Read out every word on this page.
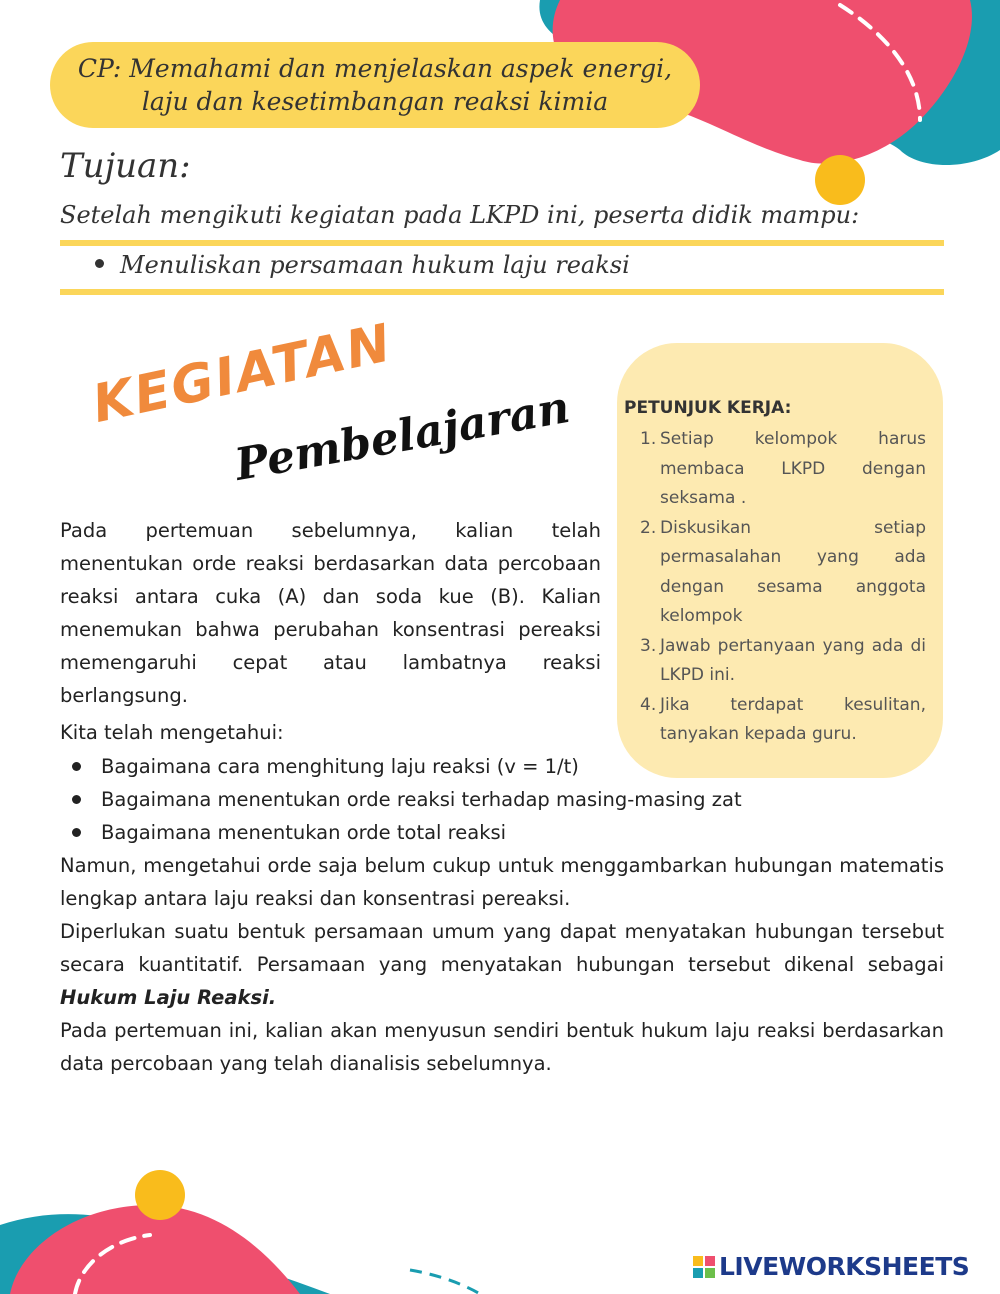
CP: Memahami dan menjelaskan aspek energi, laju dan kesetimbangan reaksi kimia
Tujuan:
Setelah mengikuti kegiatan pada LKPD ini, peserta didik mampu:
Menuliskan persamaan hukum laju reaksi
KEGIATAN
Pembelajaran	PETUNJUK KERJA:
1. Setiap kelompok harus membaca LKPD dengan seksama .
2. Diskusikan setiap permasalahan yang ada dengan sesama anggota kelompok
3. Jawab pertanyaan yang ada di LKPD ini.
4. Jika terdapat kesulitan, tanyakan kepada guru.

Pada pertemuan sebelumnya, kalian telah menentukan orde reaksi berdasarkan data percobaan reaksi antara cuka (A) dan soda kue (B). Kalian menemukan bahwa perubahan konsentrasi pereaksi memengaruhi cepat atau lambatnya reaksi berlangsung.

Kita telah mengetahui:
Bagaimana cara menghitung laju reaksi (v = 1/t)
Bagaimana menentukan orde reaksi terhadap masing-masing zat
Bagaimana menentukan orde total reaksi

Namun, mengetahui orde saja belum cukup untuk menggambarkan hubungan matematis lengkap antara laju reaksi dan konsentrasi pereaksi.

Diperlukan suatu bentuk persamaan umum yang dapat menyatakan hubungan tersebut secara kuantitatif. Persamaan yang menyatakan hubungan tersebut dikenal sebagai Hukum Laju Reaksi.

Pada pertemuan ini, kalian akan menyusun sendiri bentuk hukum laju reaksi berdasarkan data percobaan yang telah dianalisis sebelumnya.

LIVEWORKSHEETS
